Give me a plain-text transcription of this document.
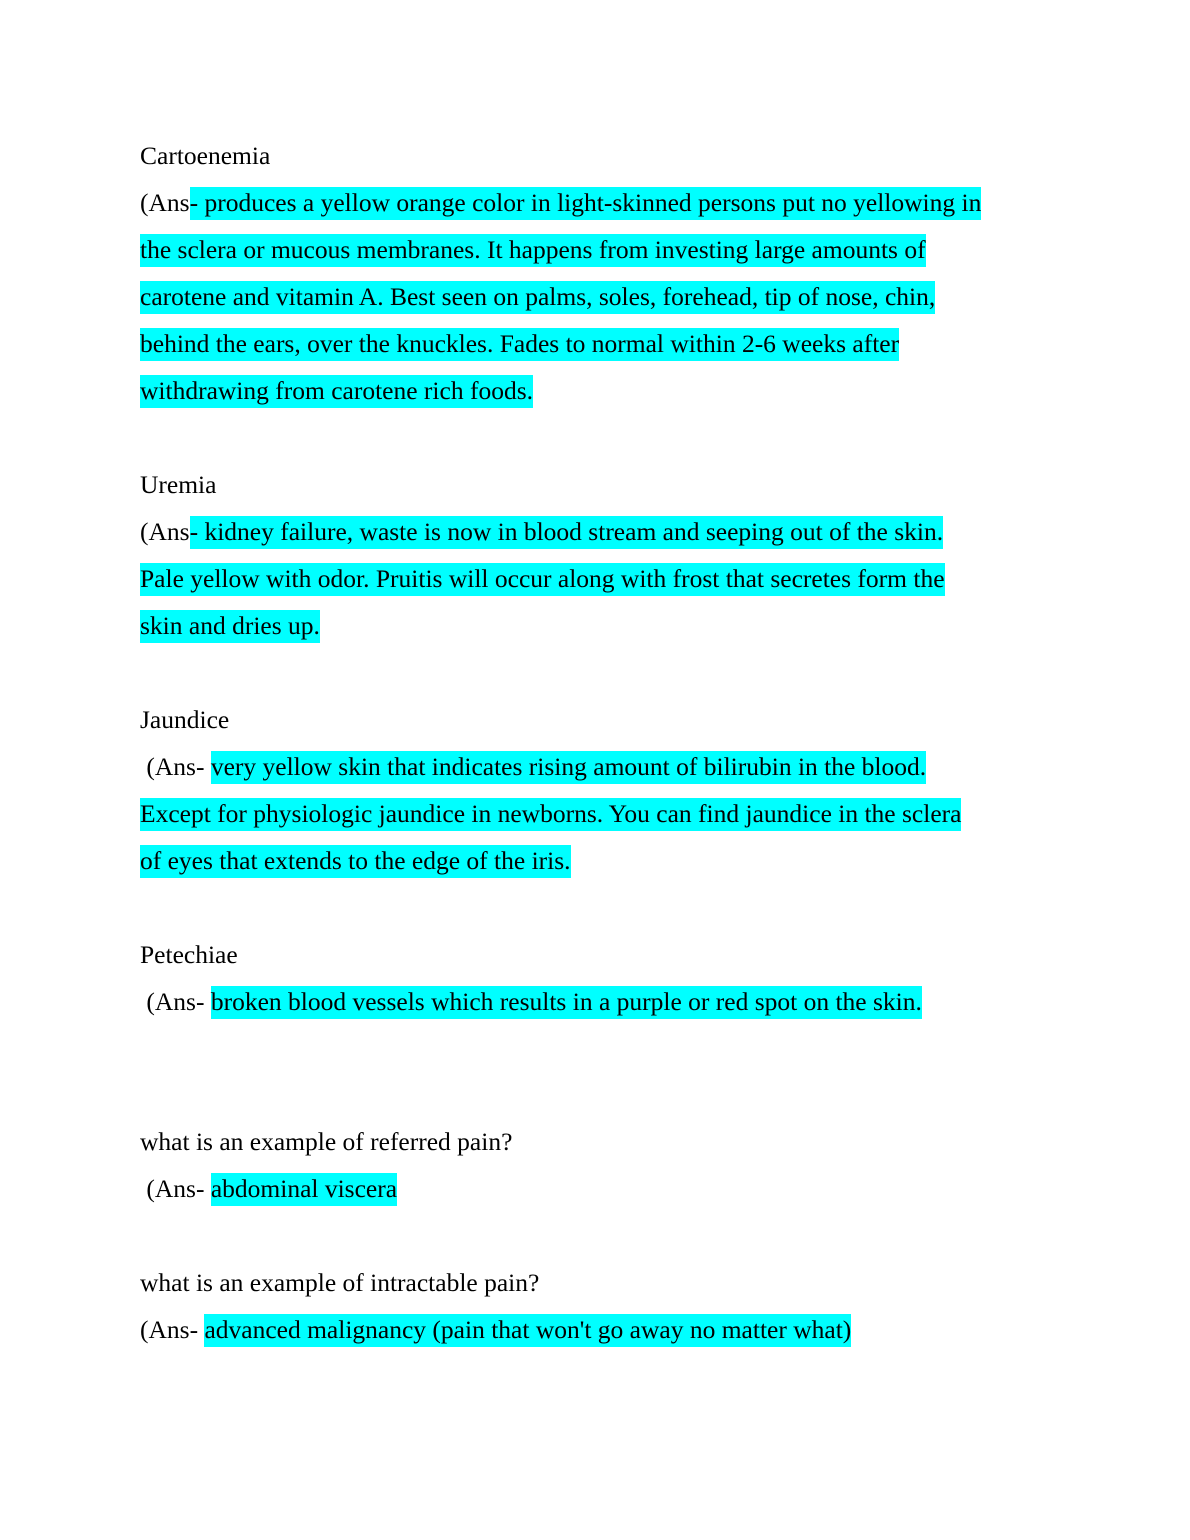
Cartoenemia
(Ans- produces a yellow orange color in light-skinned persons put no yellowing in
the sclera or mucous membranes. It happens from investing large amounts of
carotene and vitamin A. Best seen on palms, soles, forehead, tip of nose, chin,
behind the ears, over the knuckles. Fades to normal within 2-6 weeks after
withdrawing from carotene rich foods.
Uremia
(Ans- kidney failure, waste is now in blood stream and seeping out of the skin.
Pale yellow with odor. Pruitis will occur along with frost that secretes form the
skin and dries up.
Jaundice
(Ans- very yellow skin that indicates rising amount of bilirubin in the blood.
Except for physiologic jaundice in newborns. You can find jaundice in the sclera
of eyes that extends to the edge of the iris.
Petechiae
(Ans- broken blood vessels which results in a purple or red spot on the skin.
what is an example of referred pain?
(Ans- abdominal viscera
what is an example of intractable pain?
(Ans- advanced malignancy (pain that won't go away no matter what)
